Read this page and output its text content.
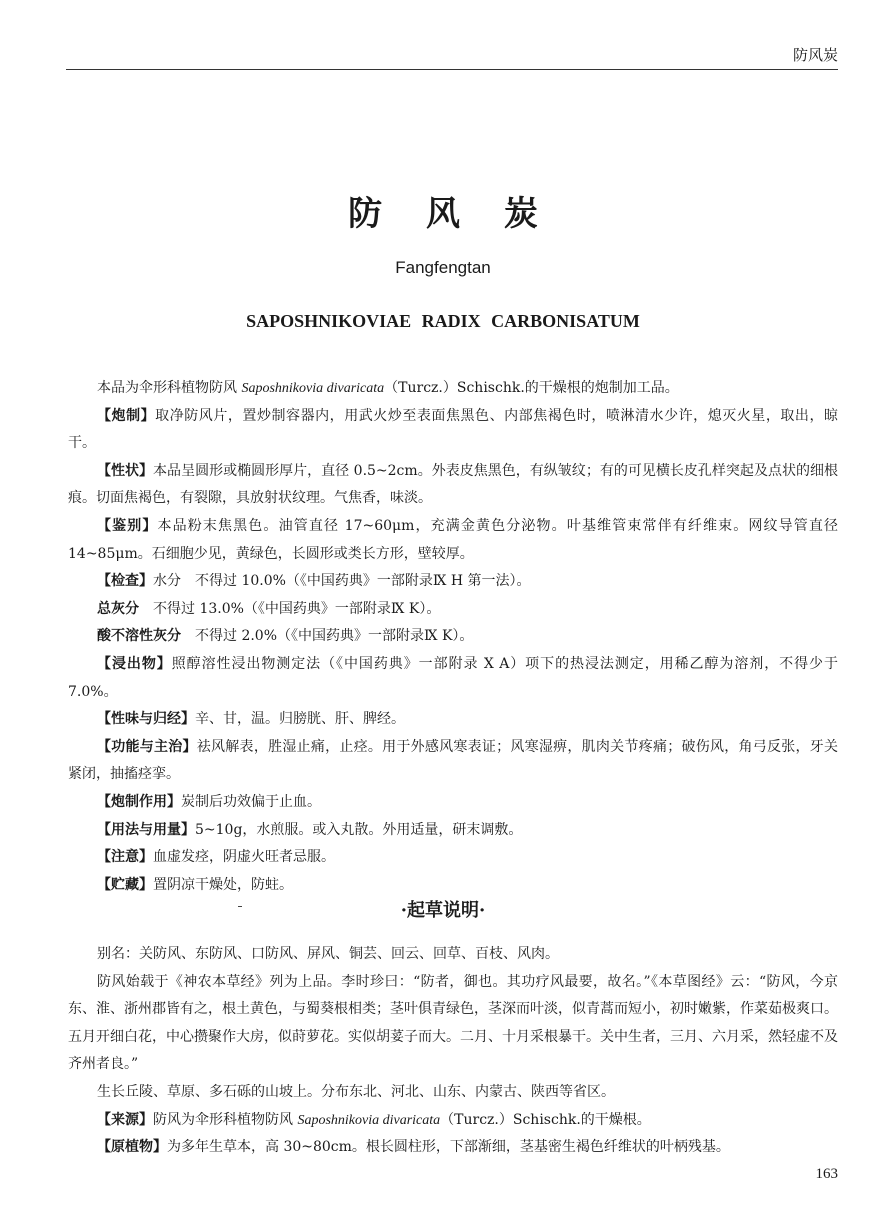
防风炭
防 风 炭
Fangfengtan
SAPOSHNIKOVIAE RADIX CARBONISATUM

本品为伞形科植物防风 Saposhnikovia divaricata（Turcz.）Schischk.的干燥根的炮制加工品。

【炮制】取净防风片，置炒制容器内，用武火炒至表面焦黑色、内部焦褐色时，喷淋清水少许，熄灭火星，取出，晾干。

【性状】本品呈圆形或椭圆形厚片，直径 0.5~2cm。外表皮焦黑色，有纵皱纹；有的可见横长皮孔样突起及点状的细根痕。切面焦褐色，有裂隙，具放射状纹理。气焦香，味淡。

【鉴别】本品粉末焦黑色。油管直径 17~60μm，充满金黄色分泌物。叶基维管束常伴有纤维束。网纹导管直径 14~85μm。石细胞少见，黄绿色，长圆形或类长方形，壁较厚。

【检查】水分　不得过 10.0%（《中国药典》一部附录Ⅸ H 第一法）。

总灰分　不得过 13.0%（《中国药典》一部附录Ⅸ K）。

酸不溶性灰分　不得过 2.0%（《中国药典》一部附录Ⅸ K）。

【浸出物】照醇溶性浸出物测定法（《中国药典》一部附录 X A）项下的热浸法测定，用稀乙醇为溶剂，不得少于 7.0%。

【性味与归经】辛、甘，温。归膀胱、肝、脾经。

【功能与主治】祛风解表，胜湿止痛，止痉。用于外感风寒表证；风寒湿痹，肌肉关节疼痛；破伤风，角弓反张，牙关紧闭，抽搐痉挛。

【炮制作用】炭制后功效偏于止血。

【用法与用量】5~10g，水煎服。或入丸散。外用适量，研末调敷。

【注意】血虚发痉，阴虚火旺者忌服。

【贮藏】置阴凉干燥处，防蛀。

·起草说明·

别名：关防风、东防风、口防风、屏风、铜芸、回云、回草、百枝、风肉。

防风始载于《神农本草经》列为上品。李时珍曰：“防者，御也。其功疗风最要，故名。”《本草图经》云：“防风，今京东、淮、浙州郡皆有之，根土黄色，与蜀葵根相类；茎叶俱青绿色，茎深而叶淡，似青蒿而短小，初时嫩紫，作菜茹极爽口。五月开细白花，中心攒聚作大房，似莳萝花。实似胡荽子而大。二月、十月采根暴干。关中生者，三月、六月采，然轻虚不及齐州者良。”

生长丘陵、草原、多石砾的山坡上。分布东北、河北、山东、内蒙古、陕西等省区。

【来源】防风为伞形科植物防风 Saposhnikovia divaricata（Turcz.）Schischk.的干燥根。

【原植物】为多年生草本，高 30~80cm。根长圆柱形，下部渐细，茎基密生褐色纤维状的叶柄残基。

163
